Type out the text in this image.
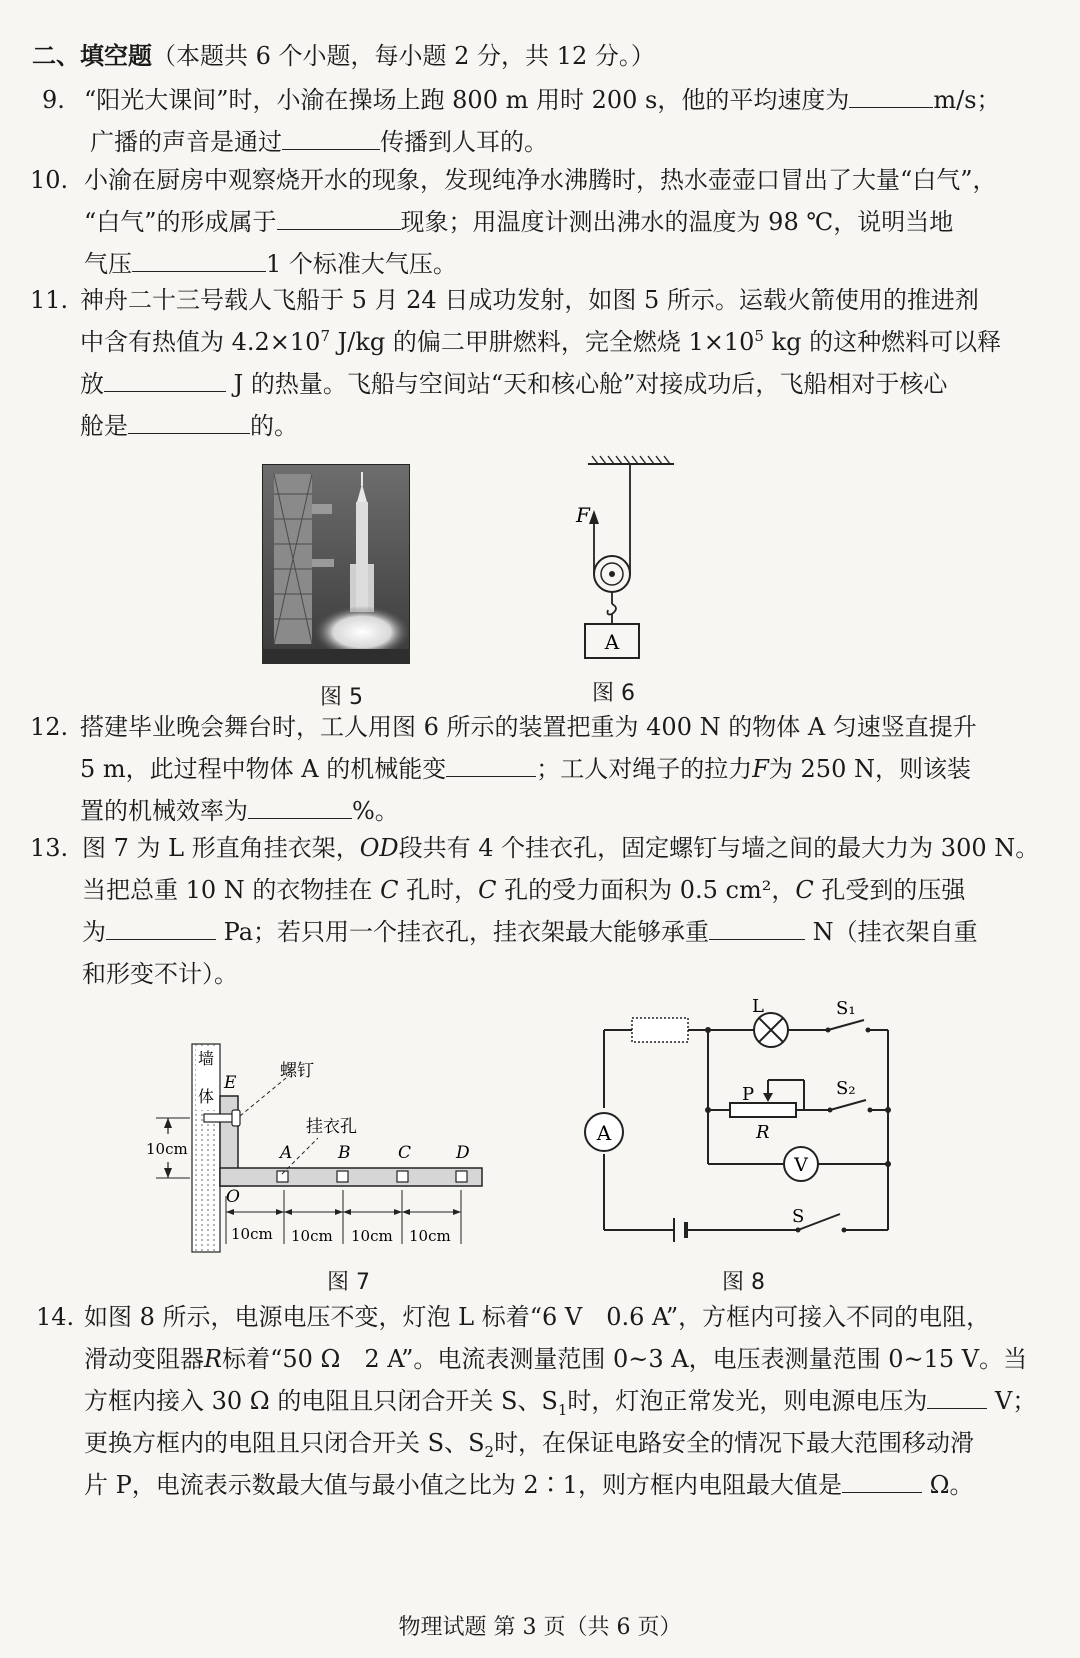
二、填空题（本题共 6 个小题，每小题 2 分，共 12 分。）
9. “阳光大课间”时，小渝在操场上跑 800 m 用时 200 s，他的平均速度为	m/s；
广播的声音是通过	传播到人耳的。
10. 小渝在厨房中观察烧开水的现象，发现纯净水沸腾时，热水壶壶口冒出了大量“白气”，
“白气”的形成属于	现象；用温度计测出沸水的温度为 98 ℃，说明当地
气压	1 个标准大气压。
11. 神舟二十三号载人飞船于 5 月 24 日成功发射，如图 5 所示。运载火箭使用的推进剂
中含有热值为 $4.2\times 10^7$ J/kg 的偏二甲肼燃料，完全燃烧 $1\times 10^5$ kg 的这种燃料可以释
放	J 的热量。飞船与空间站“天和核心舱”对接成功后，飞船相对于核心
舱是	的。
图 5
A
F
图 6
12. 搭建毕业晚会舞台时，工人用图 6 所示的装置把重为 400 N 的物体 A 匀速竖直提升
5 m，此过程中物体 A 的机械能变	；工人对绳子的拉力F为 250 N，则该装
置的机械效率为	%。
13. 图 7 为 L 形直角挂衣架，OD段共有 4 个挂衣孔，固定螺钉与墙之间的最大力为 300 N。
当把总重 10 N 的衣物挂在 C 孔时，C 孔的受力面积为 0.5 cm²，C 孔受到的压强
为	Pa；若只用一个挂衣孔，挂衣架最大能够承重	N（挂衣架自重
和形变不计）。
墙
体
E
O
A	B	C	D
螺钉
挂衣孔
10cm
10cm 10cm 10cm 10cm
图 7
A
V
L	S₁
S₂
P
R
S
图 8
14. 如图 8 所示，电源电压不变，灯泡 L 标着“6 V　0.6 A”，方框内可接入不同的电阻，
滑动变阻器R标着“50 Ω　2 A”。电流表测量范围 0~3 A，电压表测量范围 0~15 V。当
方框内接入 30 Ω 的电阻且只闭合开关 S、$S_1$时，灯泡正常发光，则电源电压为	V；
更换方框内的电阻且只闭合开关 S、$S_2$时，在保证电路安全的情况下最大范围移动滑
片 P，电流表示数最大值与最小值之比为 2∶1，则方框内电阻最大值是	Ω。
物理试题 第 3 页（共 6 页）
